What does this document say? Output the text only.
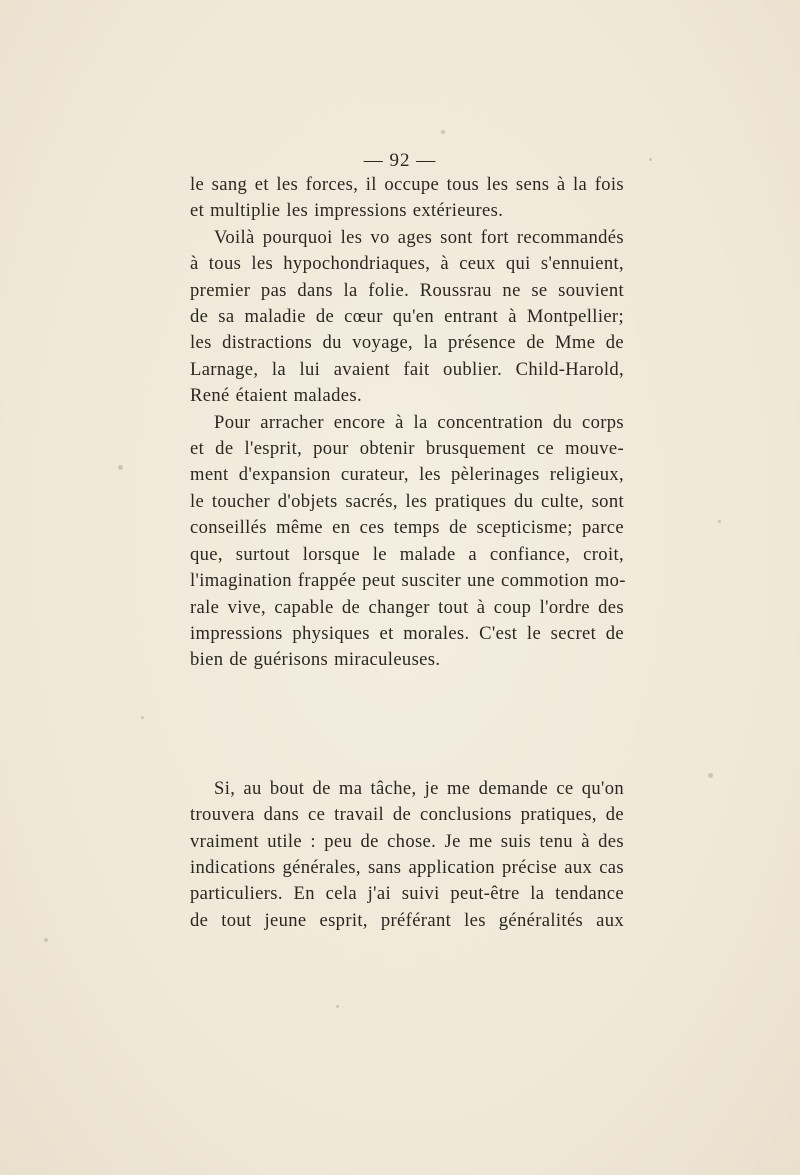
— 92 —
le sang et les forces, il occupe tous les sens à la fois
et multiplie les impressions extérieures.
Voilà pourquoi les vo ages sont fort recommandés
à tous les hypochondriaques, à ceux qui s'ennuient,
premier pas dans la folie. Roussrau ne se souvient
de sa maladie de cœur qu'en entrant à Montpellier;
les distractions du voyage, la présence de Mme de
Larnage, la lui avaient fait oublier. Child-Harold,
René étaient malades.
Pour arracher encore à la concentration du corps
et de l'esprit, pour obtenir brusquement ce mouve-
ment d'expansion curateur, les pèlerinages religieux,
le toucher d'objets sacrés, les pratiques du culte, sont
conseillés même en ces temps de scepticisme; parce
que, surtout lorsque le malade a confiance, croit,
l'imagination frappée peut susciter une commotion mo-
rale vive, capable de changer tout à coup l'ordre des
impressions physiques et morales. C'est le secret de
bien de guérisons miraculeuses.
Si, au bout de ma tâche, je me demande ce qu'on
trouvera dans ce travail de conclusions pratiques, de
vraiment utile : peu de chose. Je me suis tenu à des
indications générales, sans application précise aux cas
particuliers. En cela j'ai suivi peut-être la tendance
de tout jeune esprit, préférant les généralités aux
